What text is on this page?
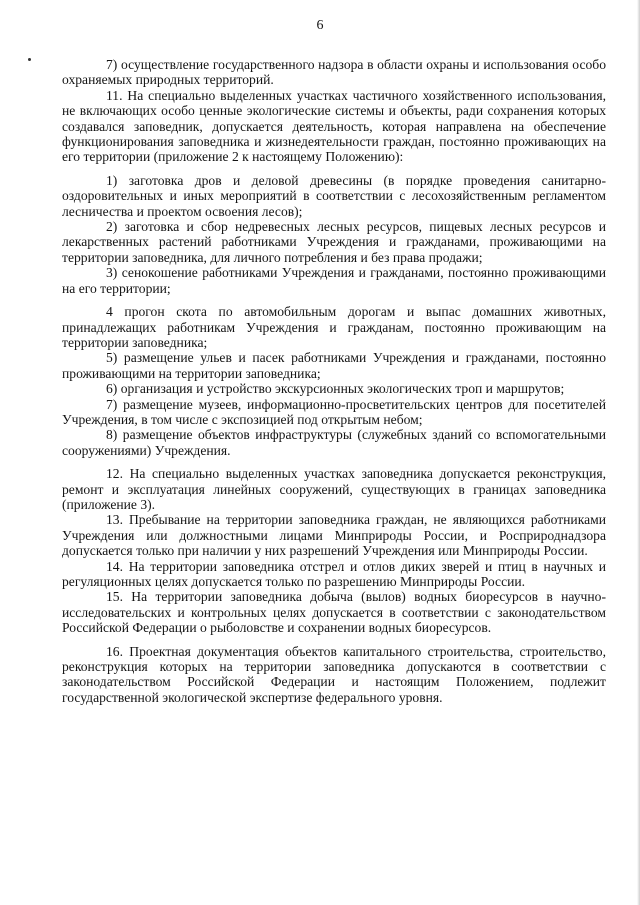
6

7) осуществление государственного надзора в области охраны и использования особо охраняемых природных территорий.

11. На специально выделенных участках частичного хозяйственного использования, не включающих особо ценные экологические системы и объекты, ради сохранения которых создавался заповедник, допускается деятельность, которая направлена на обеспечение функционирования заповедника и жизнедеятельности граждан, постоянно проживающих на его территории (приложение 2 к настоящему Положению):

1) заготовка дров и деловой древесины (в порядке проведения санитарно-оздоровительных и иных мероприятий в соответствии с лесохозяйственным регламентом лесничества и проектом освоения лесов);

2) заготовка и сбор недревесных лесных ресурсов, пищевых лесных ресурсов и лекарственных растений работниками Учреждения и гражданами, проживающими на территории заповедника, для личного потребления и без права продажи;

3) сенокошение работниками Учреждения и гражданами, постоянно проживающими на его территории;

4 прогон скота по автомобильным дорогам и выпас домашних животных, принадлежащих работникам Учреждения и гражданам, постоянно проживающим на территории заповедника;

5) размещение ульев и пасек работниками Учреждения и гражданами, постоянно проживающими на территории заповедника;

6) организация и устройство экскурсионных экологических троп и маршрутов;

7) размещение музеев, информационно-просветительских центров для посетителей Учреждения, в том числе с экспозицией под открытым небом;

8) размещение объектов инфраструктуры (служебных зданий со вспомогательными сооружениями) Учреждения.

12. На специально выделенных участках заповедника допускается реконструкция, ремонт и эксплуатация линейных сооружений, существующих в границах заповедника (приложение 3).

13. Пребывание на территории заповедника граждан, не являющихся работниками Учреждения или должностными лицами Минприроды России, и Росприроднадзора допускается только при наличии у них разрешений Учреждения или Минприроды России.

14. На территории заповедника отстрел и отлов диких зверей и птиц в научных и регуляционных целях допускается только по разрешению Минприроды России.

15. На территории заповедника добыча (вылов) водных биоресурсов в научно-исследовательских и контрольных целях допускается в соответствии с законодательством Российской Федерации о рыболовстве и сохранении водных биоресурсов.

16. Проектная документация объектов капитального строительства, строительство, реконструкция которых на территории заповедника допускаются в соответствии с законодательством Российской Федерации и настоящим Положением, подлежит государственной экологической экспертизе федерального уровня.
